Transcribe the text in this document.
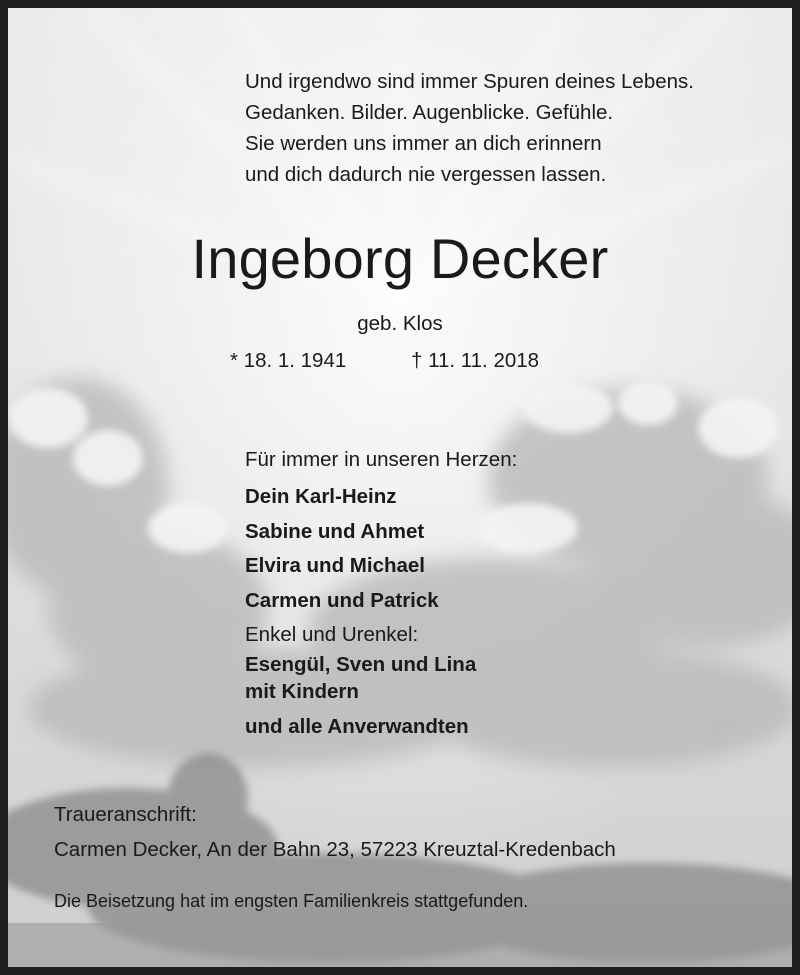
Und irgendwo sind immer Spuren deines Lebens.
Gedanken. Bilder. Augenblicke. Gefühle.
Sie werden uns immer an dich erinnern
und dich dadurch nie vergessen lassen.
Ingeborg Decker
geb. Klos
* 18. 1. 1941	† 11. 11. 2018
Für immer in unseren Herzen:
Dein Karl-Heinz
Sabine und Ahmet
Elvira und Michael
Carmen und Patrick
Enkel und Urenkel:
Esengül, Sven und Lina
mit Kindern
und alle Anverwandten
Traueranschrift:
Carmen Decker, An der Bahn 23, 57223 Kreuztal-Kredenbach
Die Beisetzung hat im engsten Familienkreis stattgefunden.
